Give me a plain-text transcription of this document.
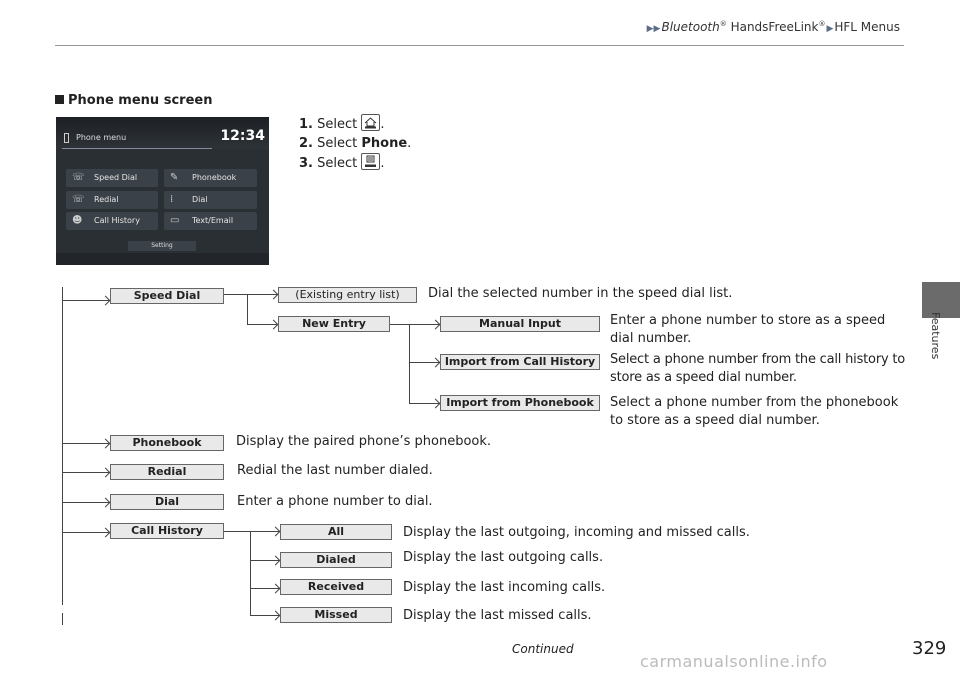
▶▶Bluetooth® HandsFreeLink®▶HFL Menus
Features
Phone menu screen
1. Select .
2. Select Phone.
3. Select .
Phone menu	12:34
☏ Speed Dial	✎	Phonebook
☏ Redial	⁞	Dial
☻ Call History	▭	Text/Email
Setting
Speed Dial	(Existing entry list)	Dial the selected number in the speed dial list.
New Entry	Manual Input	Enter a phone number to store as a speed
dial number.
Import from Call History	Select a phone number from the call history to
store as a speed dial number.
Import from Phonebook	Select a phone number from the phonebook
to store as a speed dial number.
Phonebook	Display the paired phone’s phonebook.
Redial	Redial the last number dialed.
Dial	Enter a phone number to dial.
Call History	All	Display the last outgoing, incoming and missed calls.
Dialed	Display the last outgoing calls.
Received	Display the last incoming calls.
Missed	Display the last missed calls.
Continued
carmanualsonline.info
329
